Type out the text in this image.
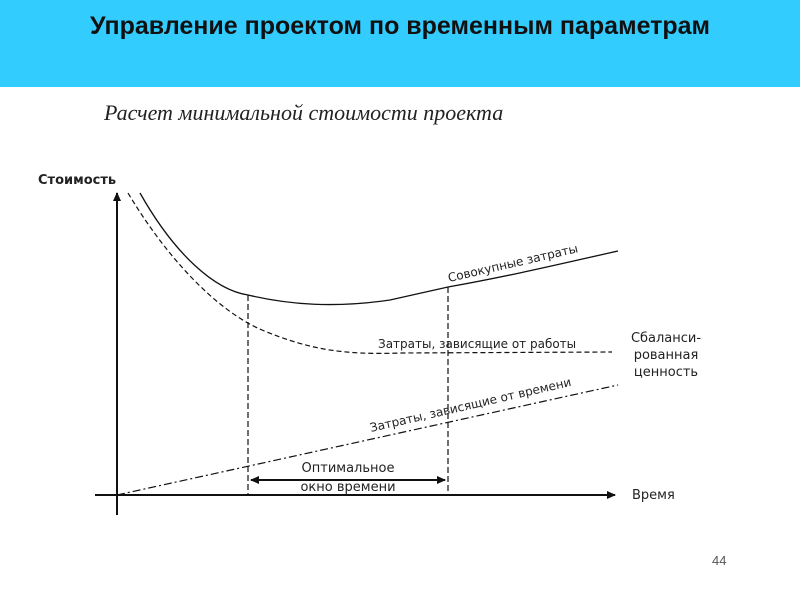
Управление проектом по временным параметрам
Расчет минимальной стоимости проекта
Стоимость
Время
Совокупные затраты
Затраты, зависящие от работы
Затраты, зависящие от времени
Сбаланси-
рованная
ценность
Оптимальное
окно времени
44
